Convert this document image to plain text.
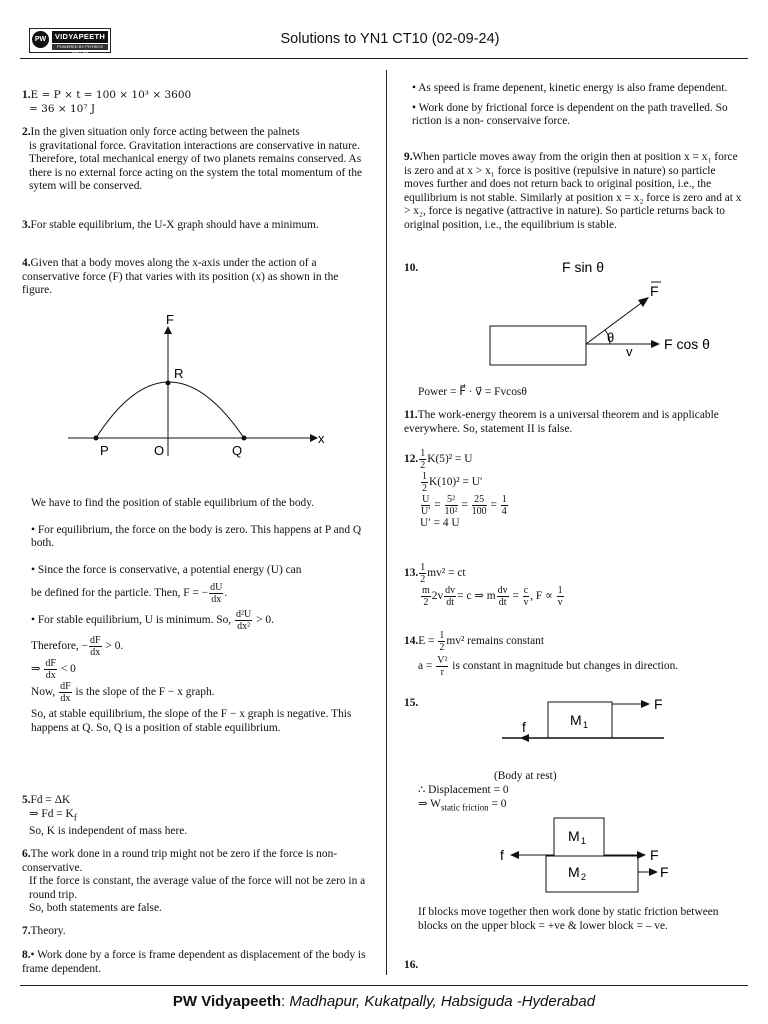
PW	VIDYAPEETH
POWERED BY PHYSICS WALLAH
Solutions to YN1 CT10 (02-09-24)
1.E = P × t = 100 × 10³ × 3600
= 36 × 10⁷ J
2.In the given situation only force acting between the palnets
is gravitational force. Gravitation interactions are conservative in nature. Therefore, total mechanical energy of two planets remains conserved. As there is no external force acting on the system the total momentum of the sytem will be conserved.
3.For stable equilibrium, the U-X graph should have a minimum.
4.Given that a body moves along the x-axis under the action of a conservative force (F) that varies with its position (x) as shown in the figure.
F
x
R
P	O	Q
We have to find the position of stable equilibrium of the body.
• For equilibrium, the force on the body is zero. This happens at P and Q both.
• Since the force is conservative, a potential energy (U) can
be defined for the particle. Then, F = − $\frac{dU}{dx}$ .
• For stable equilibrium, U is minimum. So, $\frac{\text{d²U}}{\text{dx²}} > 0$.
Therefore, − $\frac{dF}{dx} > 0$.
⇒ $\frac{dF}{dx} < 0$
Now, $\frac{dF}{dx}$ is the slope of the F − x graph.
So, at stable equilibrium, the slope of the F − x graph is negative. This happens at Q. So, Q is a position of stable equilibrium.
5.Fd = ΔK
⇒ $Fd = K_f$
So, K is independent of mass here.
6.The work done in a round trip might not be zero if the force is non-conservative.
If the force is constant, the average value of the force will not be zero in a round trip.
So, both statements are false.
7.Theory.
8.• Work done by a force is frame dependent as displacement of the body is frame dependent.
• As speed is frame depenent, kinetic energy is also frame dependent.
• Work done by frictional force is dependent on the path travelled. So riction is a non- conservaive force.
9.When particle moves away from the origin then at position x = x₁ force is zero and at x > x₁ force is positive (repulsive in nature) so particle moves further and does not return back to original position, i.e., the equilibrium is not stable. Similarly at position x = x₂ force is zero and at x > x₂, force is negative (attractive in nature). So particle returns back to original position, i.e., the equilibrium is stable.
10.	F sin θ
F
θ
v F cos θ
Power = F⃗ · v⃗ = Fvcosθ
11.The work-energy theorem is a universal theorem and is applicable everywhere. So, statement II is false.
12. $\frac{1}{2} K(5)^2 = U$
$\frac{1}{2} K(10)^2 = U'$
$\frac{U}{U'} = \frac{\text{5²}}{\text{10²}} = \frac{25}{100} = \frac{1}{4}$
U′ = 4 U
13. $\frac{1}{2} mv^2$ = ct
$\frac{m}{2} 2v \frac{dv}{dt} = c$ ⇒ m $\frac{dv}{dt} = \frac{c}{v}$ , $F \propto \frac{1}{v}$
$14.E = \frac{1}{2} mv^2$ remains constant
$a = \frac{\text{V²}}{r}$ is constant in magnitude but changes in direction.
15.
M 1
F
f
(Body at rest)
∴ Displacement = 0
⇒ $W_{static friction} = 0$
M 1
M 2
f	F
F
If blocks move together then work done by static friction between blocks on the upper block = +ve & lower block = – ve.
16.
PW Vidyapeeth: Madhapur, Kukatpally, Habsiguda -Hyderabad
